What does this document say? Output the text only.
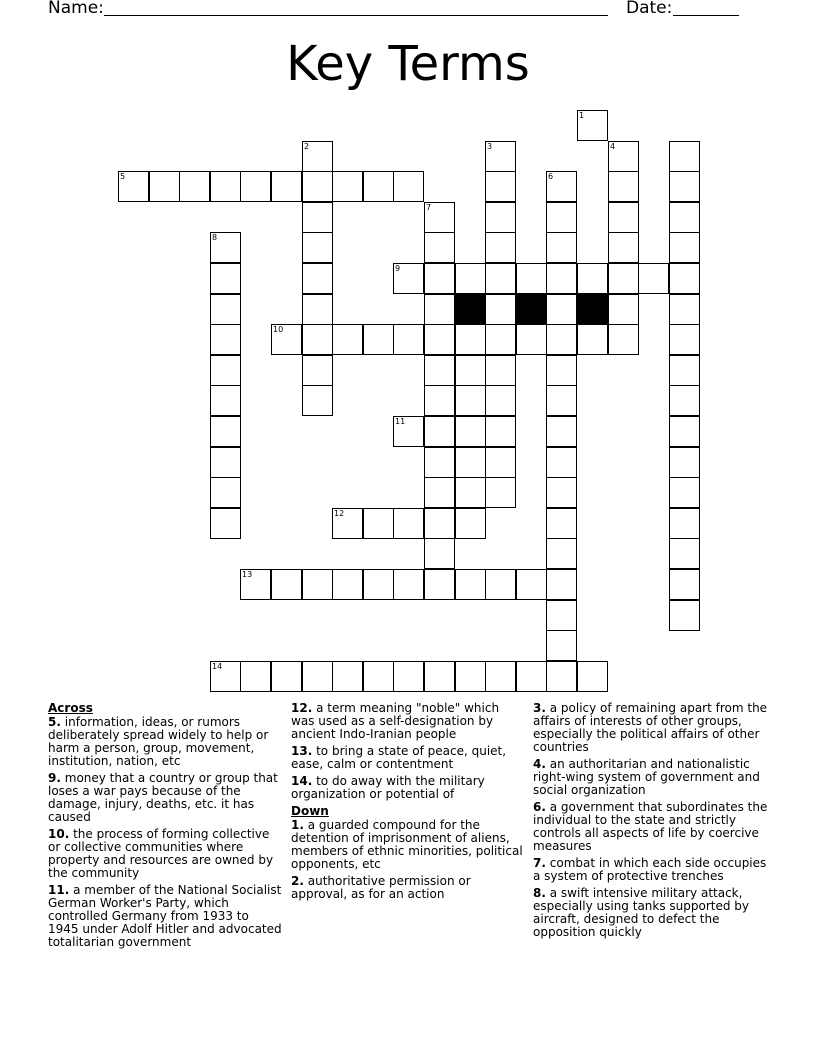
Name:	Date:
Key Terms
1
2	3	4
5	6
7
8
9
10
11
12
13
14
Across
5. information, ideas, or rumors deliberately spread widely to help or harm a person, group, movement, institution, nation, etc
9. money that a country or group that loses a war pays because of the damage, injury, deaths, etc. it has caused
10. the process of forming collective or collective communities where property and resources are owned by the community
11. a member of the National Socialist German Worker's Party, which controlled Germany from 1933 to 1945 under Adolf Hitler and advocated totalitarian government
12. a term meaning "noble" which was used as a self-designation by ancient Indo-Iranian people
13. to bring a state of peace, quiet, ease, calm or contentment
14. to do away with the military organization or potential of
Down
1. a guarded compound for the detention of imprisonment of aliens, members of ethnic minorities, political opponents, etc
2. authoritative permission or approval, as for an action
3. a policy of remaining apart from the affairs of interests of other groups, especially the political affairs of other countries
4. an authoritarian and nationalistic right-wing system of government and social organization
6. a government that subordinates the individual to the state and strictly controls all aspects of life by coercive measures
7. combat in which each side occupies a system of protective trenches
8. a swift intensive military attack, especially using tanks supported by aircraft, designed to defect the opposition quickly
